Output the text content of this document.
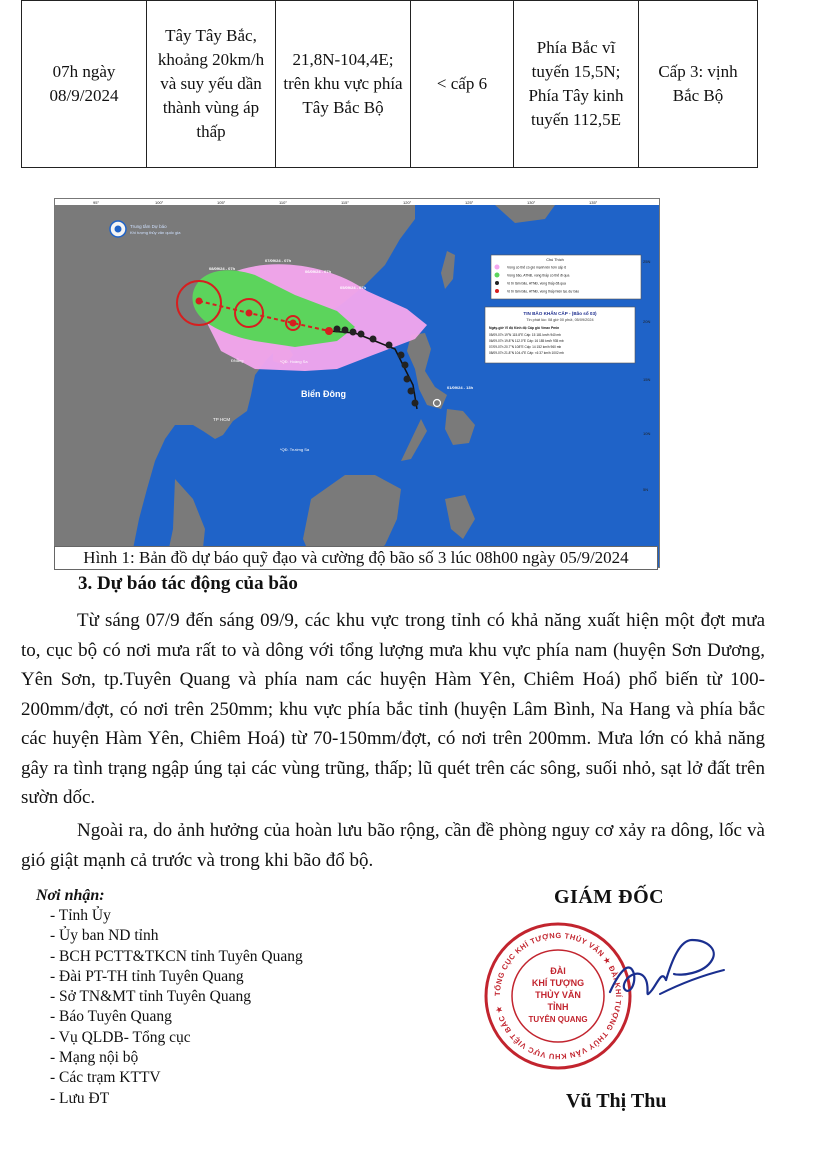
07h ngày 08/9/2024	Tây Tây Bắc, khoảng 20km/h và suy yếu dần thành vùng áp thấp	21,8N-104,4E; trên khu vực phía Tây Bắc Bộ	< cấp 6	Phía Bắc vĩ tuyến 15,5N; Phía Tây kinh tuyến 112,5E	Cấp 3: vịnh Bắc Bộ
95°	100°	105°	110°	115°	120°	125°	130°	135°
25N
20N
15N
10N
5N
08/09/24 - 07h
07/09/24 - 07h
06/09/24 - 07h
05/09/24 - 07h
01/09/24 - 13h
Trung tâm Dự báo
Khí tượng thủy văn quốc gia
Biển Đông
*QĐ. Hoàng Sa
*QĐ. Trường Sa
ĐNẵng
TP HCM
Chú Thích
Vùng có thể có gió mạnh lên hơn cấp 6
Vùng bão, ATNĐ, vùng thấp có thể đi qua
Vị trí tâm bão, ATNĐ, vùng thấp đã qua
Vị trí tâm bão, ATNĐ, vùng thấp hiện tại, dự báo
TIN BÃO KHẨN CẤP - (Bão số 03)
Tin phát lúc: 08 giờ 00 phút, 05/09/2024
Ngày-giờ Vĩ độ Kinh độ Cấp gió Vmax Pmin
05/09-07h 19°N 115.8°E Cấp: 15 181 km/h 940 mb
06/09-07h 19.8°N 112.0°E Cấp: 16 185 km/h 935 mb
07/09-07h 20.7°N 108°E Cấp: 14 152 km/h 960 mb
08/09-07h 21.8°N 104.4°E Cấp: <6 37 km/h 1002 mb
Hình 1: Bản đồ dự báo quỹ đạo và cường độ bão số 3 lúc 08h00 ngày 05/9/2024
3. Dự báo tác động của bão

Từ sáng 07/9 đến sáng 09/9, các khu vực trong tỉnh có khả năng xuất hiện một đợt mưa to, cục bộ có nơi mưa rất to và dông với tổng lượng mưa khu vực phía nam (huyện Sơn Dương, Yên Sơn, tp.Tuyên Quang và phía nam các huyện Hàm Yên, Chiêm Hoá) phổ biến từ 100-200mm/đợt, có nơi trên 250mm; khu vực phía bắc tỉnh (huyện Lâm Bình, Na Hang và phía bắc các huyện Hàm Yên, Chiêm Hoá) từ 70-150mm/đợt, có nơi trên 200mm. Mưa lớn có khả năng gây ra tình trạng ngập úng tại các vùng trũng, thấp; lũ quét trên các sông, suối nhỏ, sạt lở đất trên sườn dốc.

Ngoài ra, do ảnh hưởng của hoàn lưu bão rộng, cần đề phòng nguy cơ xảy ra dông, lốc và gió giật mạnh cả trước và trong khi bão đổ bộ.

Nơi nhận:
- Tỉnh Ủy
- Ủy ban ND tỉnh
- BCH PCTT&TKCN tỉnh Tuyên Quang
- Đài PT-TH tỉnh Tuyên Quang
- Sở TN&MT tỉnh Tuyên Quang
- Báo Tuyên Quang
- Vụ QLDB- Tổng cục
- Mạng nội bộ
- Các trạm KTTV
- Lưu ĐT
GIÁM ĐỐC
TỔNG CỤC KHÍ TƯỢNG THỦY VĂN ★ ĐÀI KHÍ TƯỢNG THỦY VĂN KHU VỰC VIỆT BẮC ★
ĐÀI
KHÍ TƯỢNG
THỦY VĂN
TỈNH
TUYÊN QUANG
Vũ Thị Thu
